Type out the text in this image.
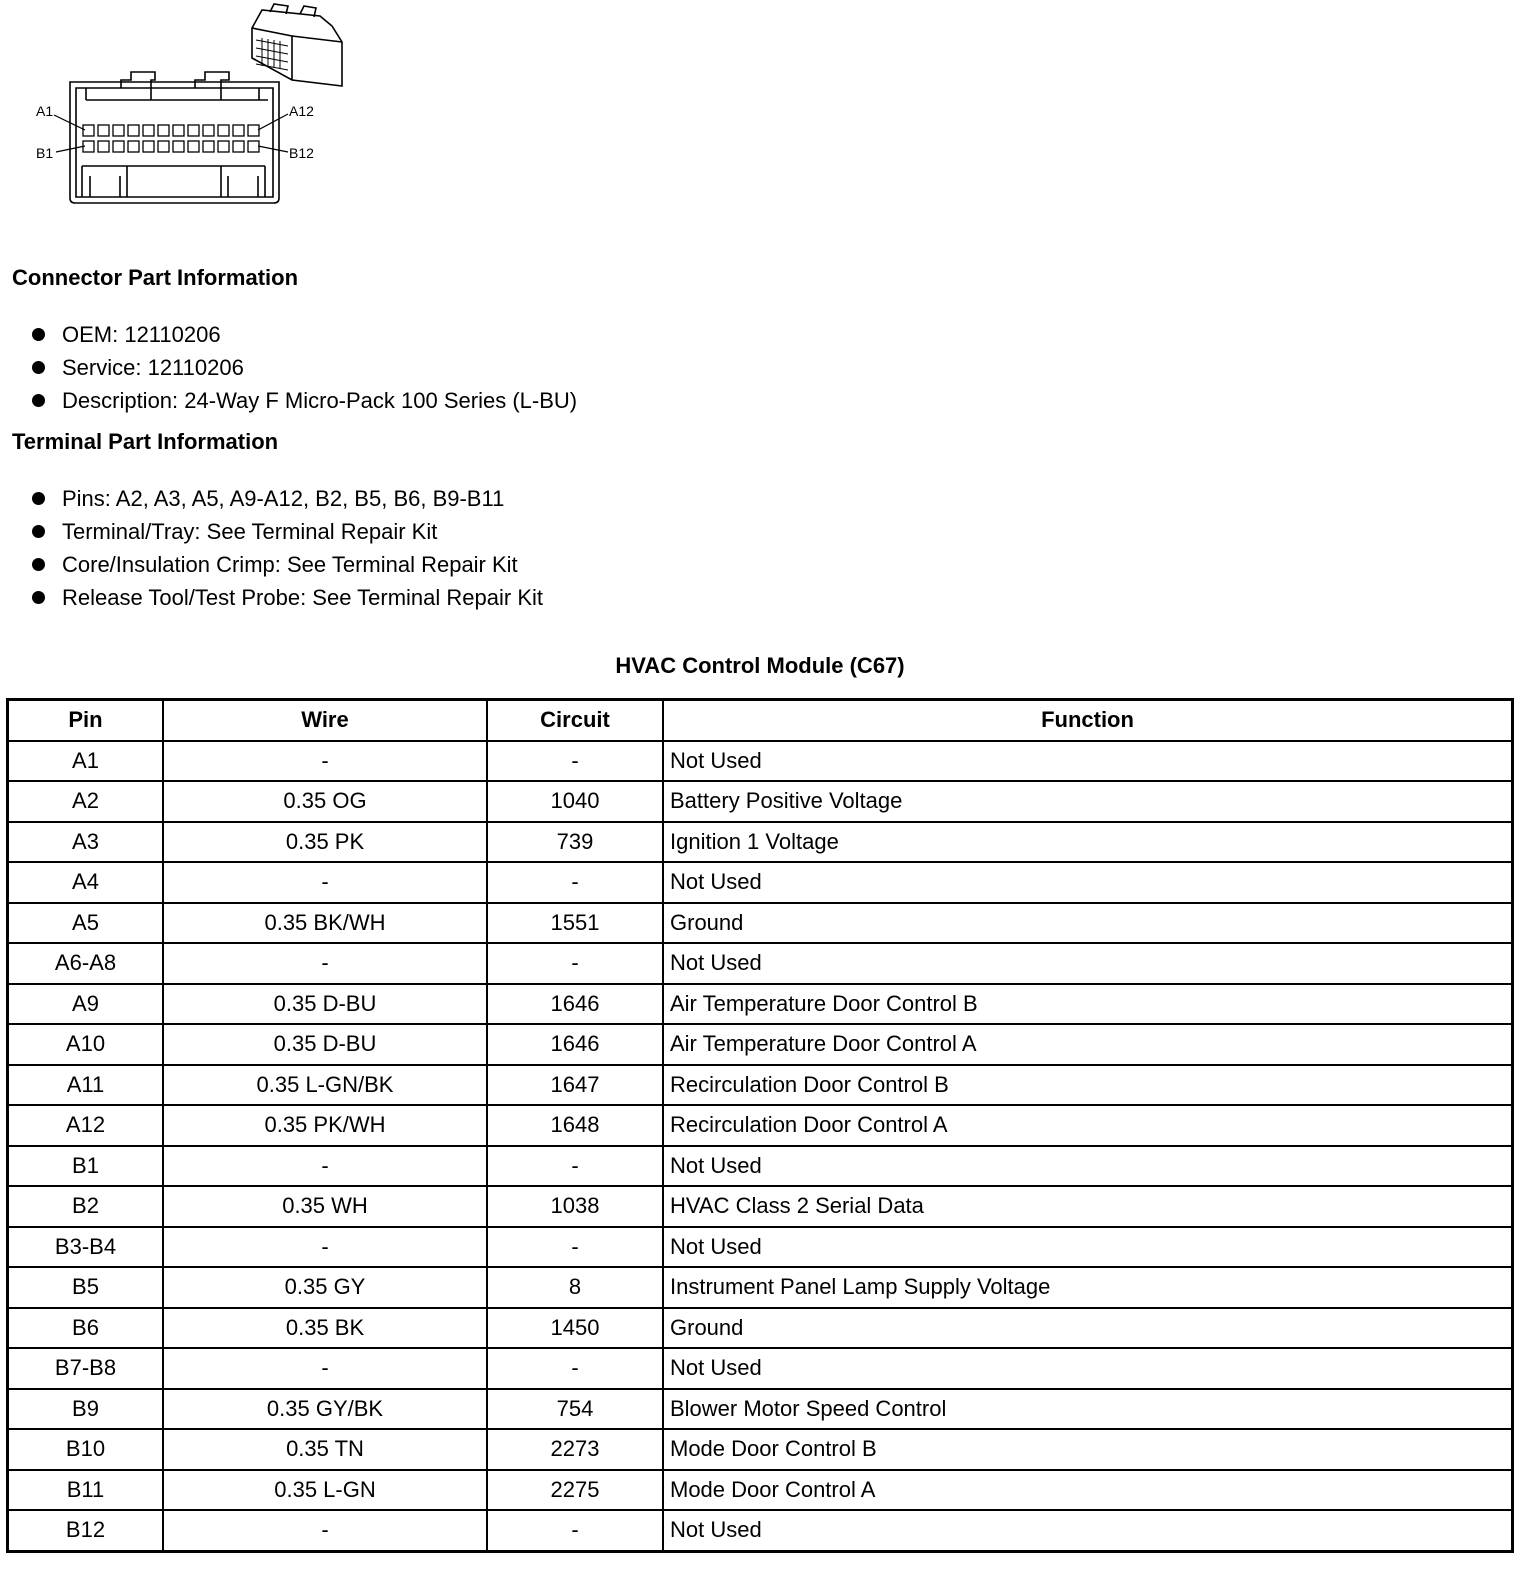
A1
B1
A12
B12
Connector Part Information
OEM: 12110206
Service: 12110206
Description: 24-Way F Micro-Pack 100 Series (L-BU)
Terminal Part Information
Pins: A2, A3, A5, A9-A12, B2, B5, B6, B9-B11
Terminal/Tray: See Terminal Repair Kit
Core/Insulation Crimp: See Terminal Repair Kit
Release Tool/Test Probe: See Terminal Repair Kit
HVAC Control Module (C67)
Pin	Wire	Circuit	Function
A1	-	-	Not Used
A2	0.35 OG	1040	Battery Positive Voltage
A3	0.35 PK	739	Ignition 1 Voltage
A4	-	-	Not Used
A5	0.35 BK/WH	1551	Ground
A6-A8	-	-	Not Used
A9	0.35 D-BU	1646	Air Temperature Door Control B
A10	0.35 D-BU	1646	Air Temperature Door Control A
A11	0.35 L-GN/BK	1647	Recirculation Door Control B
A12	0.35 PK/WH	1648	Recirculation Door Control A
B1	-	-	Not Used
B2	0.35 WH	1038	HVAC Class 2 Serial Data
B3-B4	-	-	Not Used
B5	0.35 GY	8	Instrument Panel Lamp Supply Voltage
B6	0.35 BK	1450	Ground
B7-B8	-	-	Not Used
B9	0.35 GY/BK	754	Blower Motor Speed Control
B10	0.35 TN	2273	Mode Door Control B
B11	0.35 L-GN	2275	Mode Door Control A
B12	-	-	Not Used
